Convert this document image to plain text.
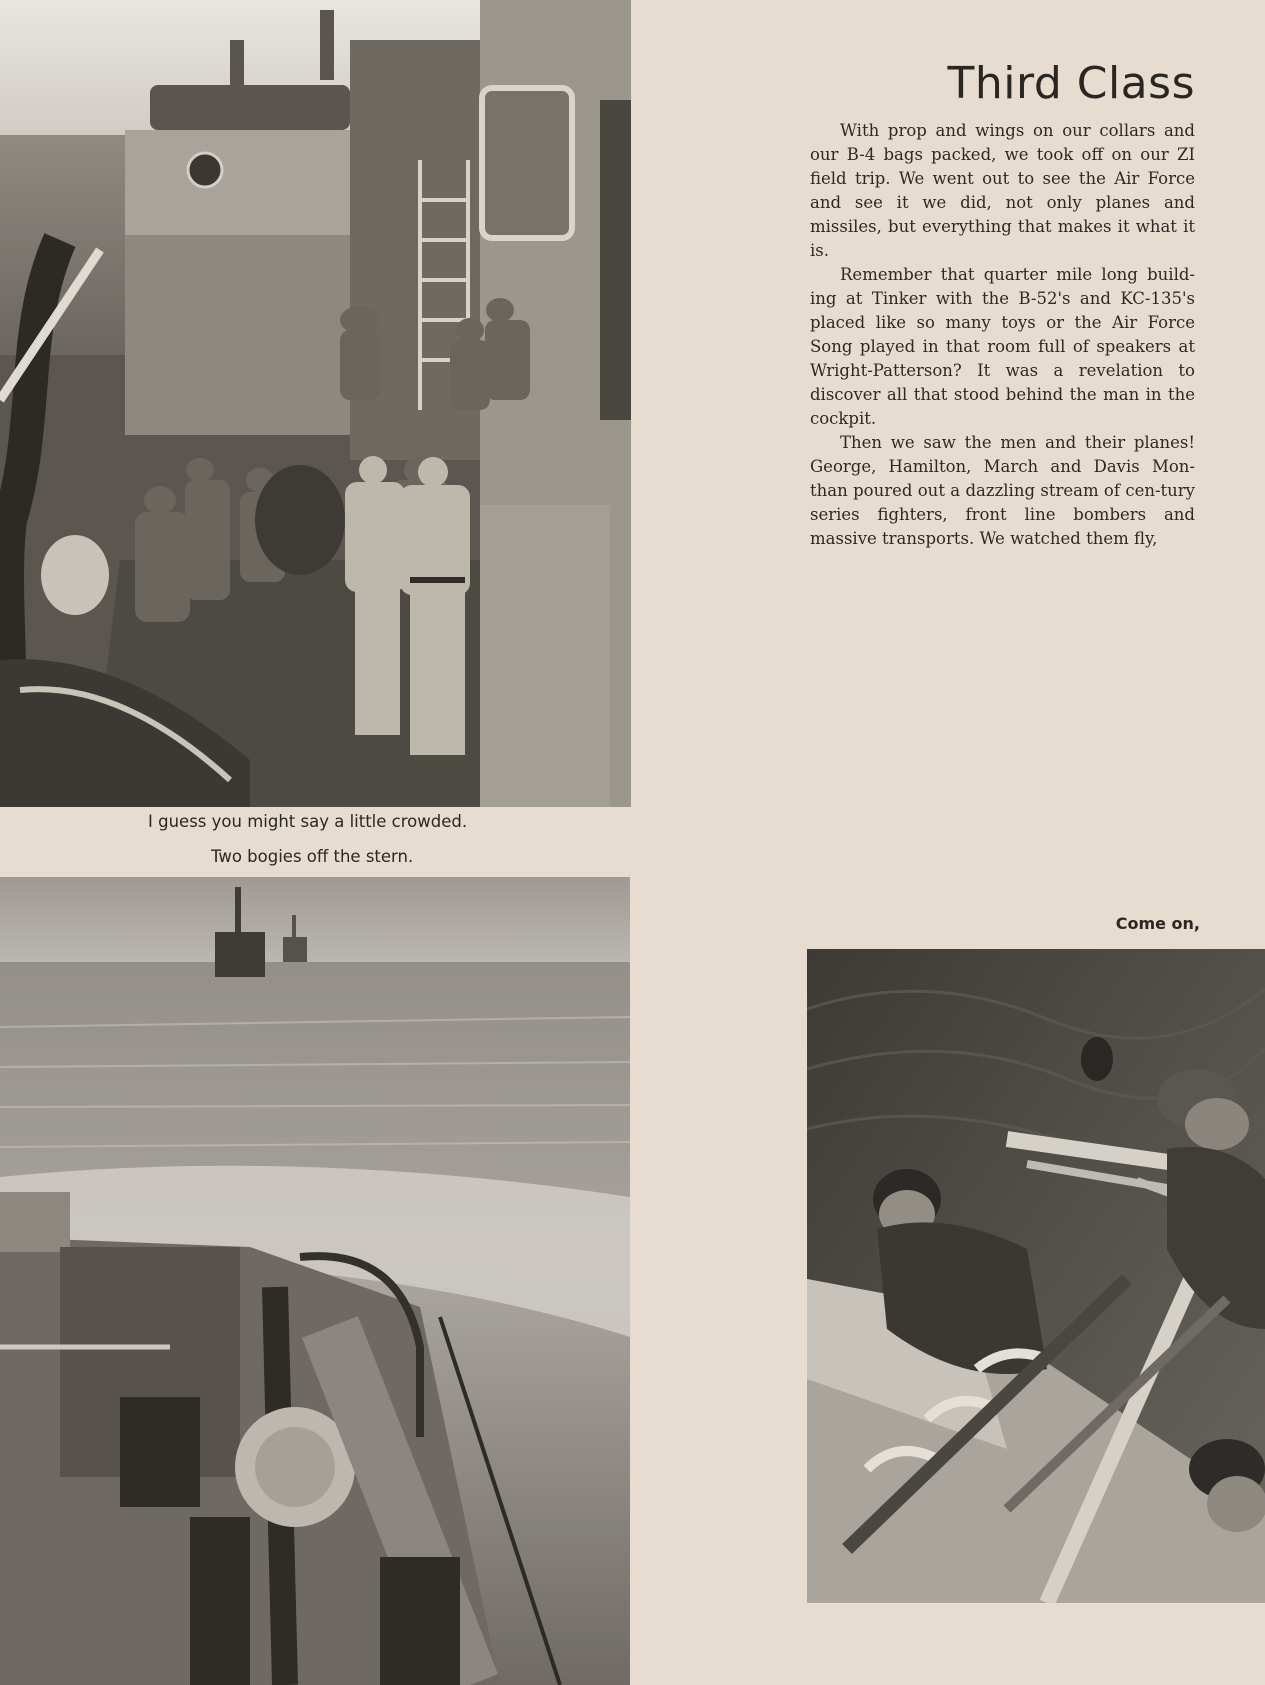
I guess you might say a little crowded.
Two bogies off the stern.
Come on,
Third Class

With prop and wings on our collars and our B-4 bags packed, we took off on our ZI field trip. We went out to see the Air Force and see it we did, not only planes and missiles, but everything that makes it what it is.

Remember that quarter mile long build-ing at Tinker with the B-52's and KC-135's placed like so many toys or the Air Force Song played in that room full of speakers at Wright-Patterson? It was a revelation to discover all that stood behind the man in the cockpit.

Then we saw the men and their planes! George, Hamilton, March and Davis Mon-than poured out a dazzling stream of cen-tury series fighters, front line bombers and massive transports. We watched them fly,
